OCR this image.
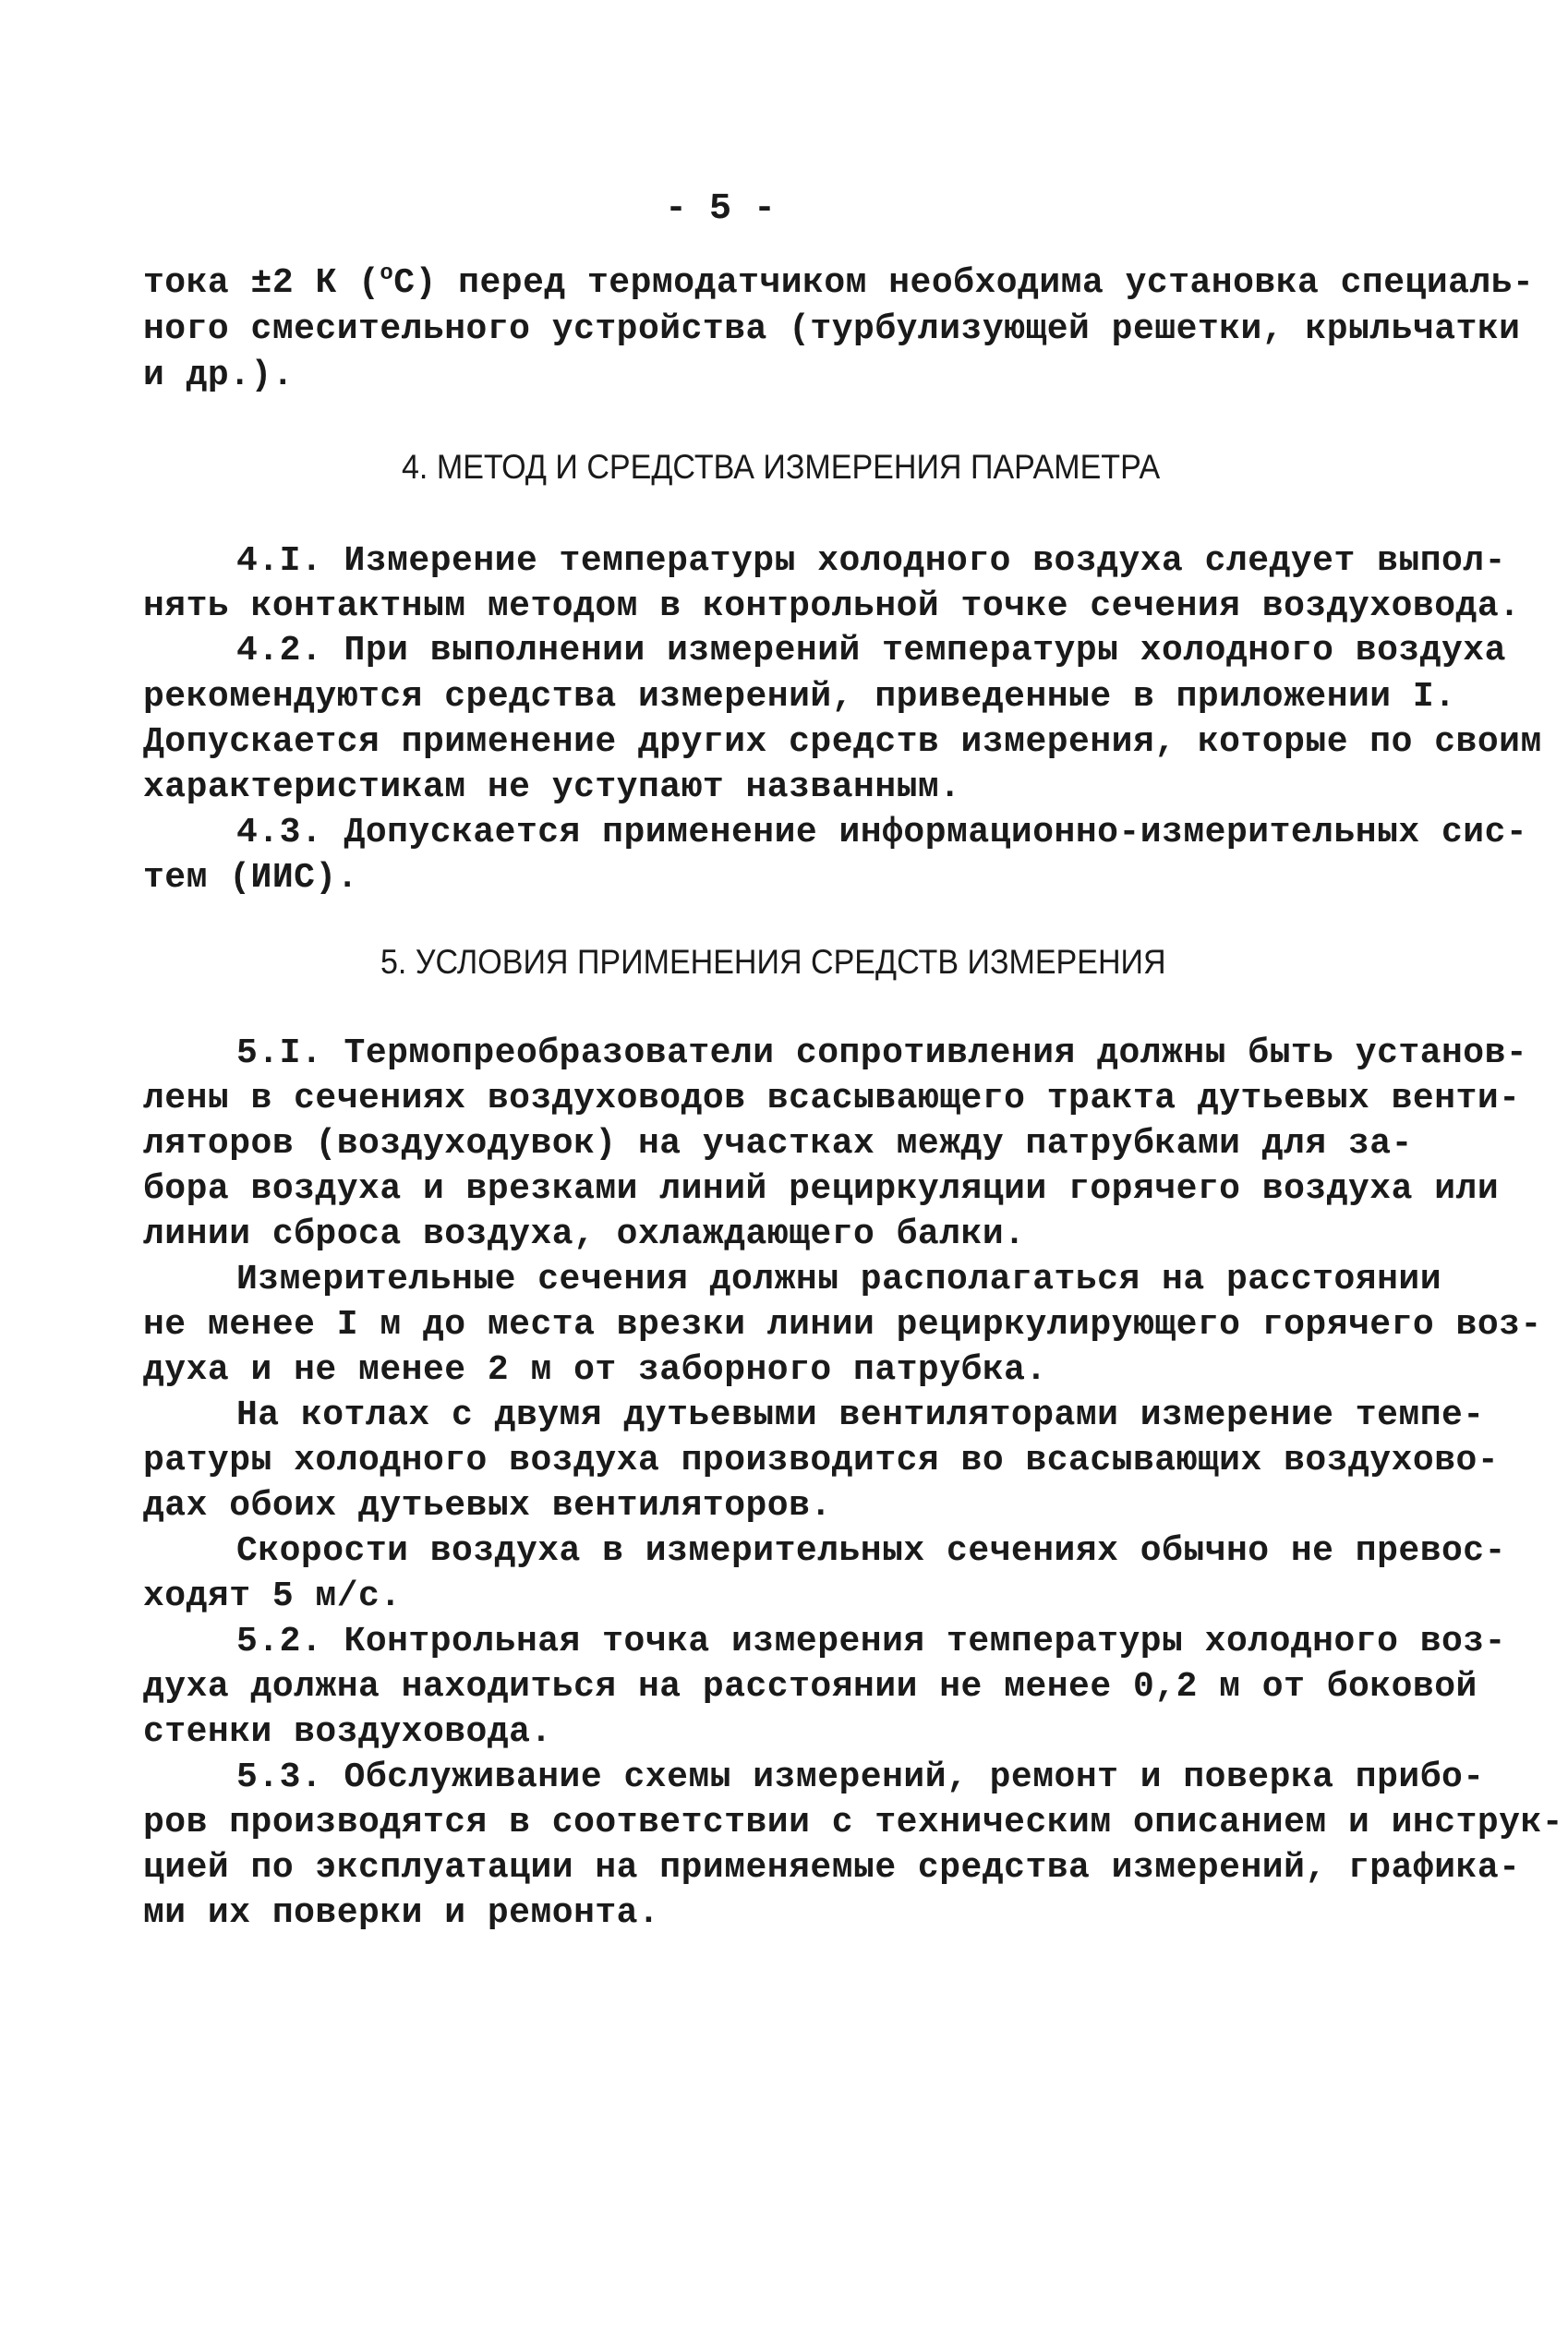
- 5 -
тока ±2 К ($^о$С) перед термодатчиком необходима установка специаль-
ного смесительного устройства (турбулизующей решетки, крыльчатки
и др.).
4. МЕТОД И СРЕДСТВА ИЗМЕРЕНИЯ ПАРАМЕТРА
4.I. Измерение температуры холодного воздуха следует выпол-
нять контактным методом в контрольной точке сечения воздуховода.
4.2. При выполнении измерений температуры холодного воздуха
рекомендуются средства измерений, приведенные в приложении I.
Допускается применение других средств измерения, которые по своим
характеристикам не уступают названным.
4.3. Допускается применение информационно-измерительных сис-
тем (ИИС).
5. УСЛОВИЯ ПРИМЕНЕНИЯ СРЕДСТВ ИЗМЕРЕНИЯ
5.I. Термопреобразователи сопротивления должны быть установ-
лены в сечениях воздуховодов всасывающего тракта дутьевых венти-
ляторов (воздуходувок) на участках между патрубками для за-
бора воздуха и врезками линий рециркуляции горячего воздуха или
линии сброса воздуха, охлаждающего балки.
Измерительные сечения должны располагаться на расстоянии
не менее I м до места врезки линии рециркулирующего горячего воз-
духа и не менее 2 м от заборного патрубка.
На котлах с двумя дутьевыми вентиляторами измерение темпе-
ратуры холодного воздуха производится во всасывающих воздухово-
дах обоих дутьевых вентиляторов.
Скорости воздуха в измерительных сечениях обычно не превос-
ходят 5 м/с.
5.2. Контрольная точка измерения температуры холодного воз-
духа должна находиться на расстоянии не менее 0,2 м от боковой
стенки воздуховода.
5.3. Обслуживание схемы измерений, ремонт и поверка прибо-
ров производятся в соответствии с техническим описанием и инструк-
цией по эксплуатации на применяемые средства измерений, графика-
ми их поверки и ремонта.
